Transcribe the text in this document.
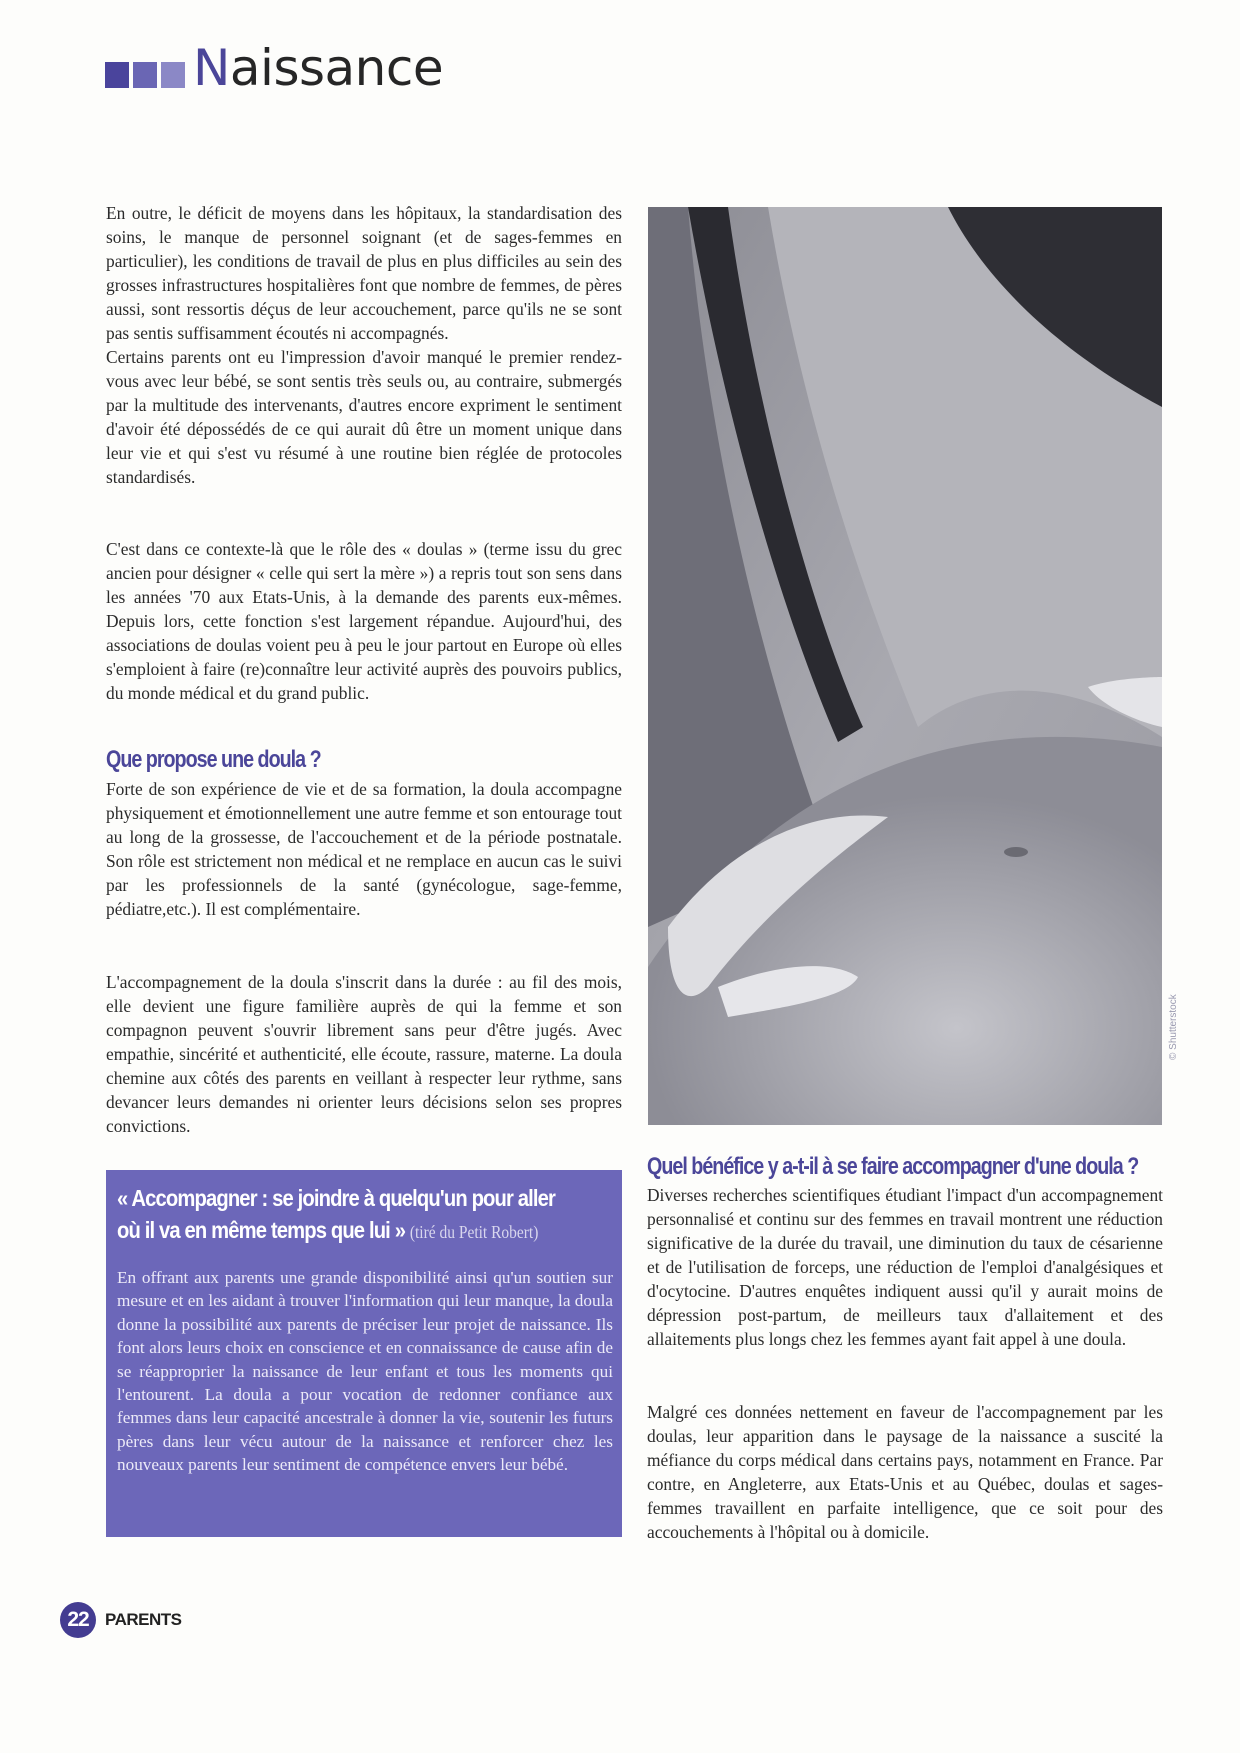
Naissance

En outre, le déficit de moyens dans les hôpitaux, la standardisation des soins, le manque de personnel soignant (et de sages-femmes en particulier), les conditions de travail de plus en plus difficiles au sein des grosses infrastructures hospitalières font que nombre de femmes, de pères aussi, sont ressortis déçus de leur accouchement, parce qu'ils ne se sont pas sentis suffisamment écoutés ni accompagnés.

Certains parents ont eu l'impression d'avoir manqué le premier rendez-vous avec leur bébé, se sont sentis très seuls ou, au contraire, submergés par la multitude des intervenants, d'autres encore expriment le sentiment d'avoir été dépossédés de ce qui aurait dû être un moment unique dans leur vie et qui s'est vu résumé à une routine bien réglée de protocoles standardisés.

C'est dans ce contexte-là que le rôle des « doulas » (terme issu du grec ancien pour désigner « celle qui sert la mère ») a repris tout son sens dans les années '70 aux Etats-Unis, à la demande des parents eux-mêmes. Depuis lors, cette fonction s'est largement répandue. Aujourd'hui, des associations de doulas voient peu à peu le jour partout en Europe où elles s'emploient à faire (re)connaître leur activité auprès des pouvoirs publics, du monde médical et du grand public.

Que propose une doula ?

Forte de son expérience de vie et de sa formation, la doula accompagne physiquement et émotionnellement une autre femme et son entourage tout au long de la grossesse, de l'accouchement et de la période postnatale. Son rôle est strictement non médical et ne remplace en aucun cas le suivi par les professionnels de la santé (gynécologue, sage-femme, pédiatre,etc.). Il est complémentaire.

L'accompagnement de la doula s'inscrit dans la durée : au fil des mois, elle devient une figure familière auprès de qui la femme et son compagnon peuvent s'ouvrir librement sans peur d'être jugés. Avec empathie, sincérité et authenticité, elle écoute, rassure, materne. La doula chemine aux côtés des parents en veillant à respecter leur rythme, sans devancer leurs demandes ni orienter leurs décisions selon ses propres convictions.

« Accompagner : se joindre à quelqu'un pour aller
où il va en même temps que lui » (tiré du Petit Robert)
En offrant aux parents une grande disponibilité ainsi qu'un soutien sur mesure et en les aidant à trouver l'information qui leur manque, la doula donne la possibilité aux parents de préciser leur projet de naissance. Ils font alors leurs choix en conscience et en connaissance de cause afin de se réapproprier la naissance de leur enfant et tous les moments qui l'entourent. La doula a pour vocation de redonner confiance aux femmes dans leur capacité ancestrale à donner la vie, soutenir les futurs pères dans leur vécu autour de la naissance et renforcer chez les nouveaux parents leur sentiment de compétence envers leur bébé.
© Shutterstock
Quel bénéfice y a-t-il à se faire accompagner d'une doula ?

Diverses recherches scientifiques étudiant l'impact d'un accompagnement personnalisé et continu sur des femmes en travail montrent une réduction significative de la durée du travail, une diminution du taux de césarienne et de l'utilisation de forceps, une réduction de l'emploi d'analgésiques et d'ocytocine. D'autres enquêtes indiquent aussi qu'il y aurait moins de dépression post-partum, de meilleurs taux d'allaitement et des allaitements plus longs chez les femmes ayant fait appel à une doula.

Malgré ces données nettement en faveur de l'accompagnement par les doulas, leur apparition dans le paysage de la naissance a suscité la méfiance du corps médical dans certains pays, notamment en France. Par contre, en Angleterre, aux Etats-Unis et au Québec, doulas et sages-femmes travaillent en parfaite intelligence, que ce soit pour des accouchements à l'hôpital ou à domicile.

22 PARENTS
